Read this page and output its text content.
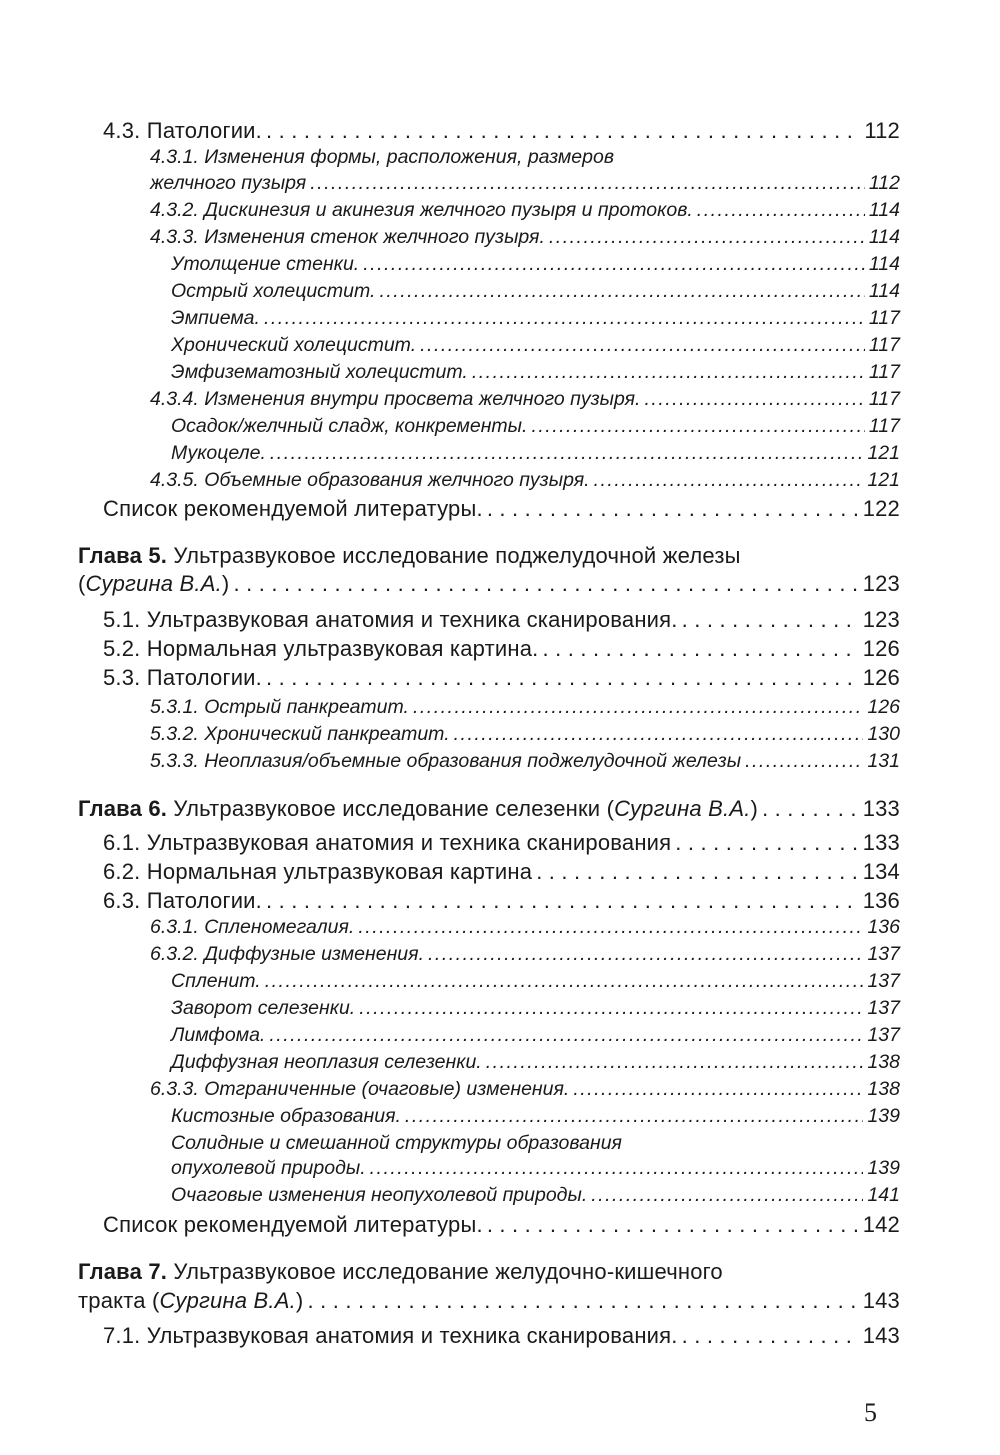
4.3. Патологии. . . .	112
4.3.1. Изменения формы, расположения, размеров
желчного пузыря .....	112
4.3.2. Дискинезия и акинезия желчного пузыря и протоков. .....	114
4.3.3. Изменения стенок желчного пузыря. .....	114
Утолщение стенки. .....	114
Острый холецистит. .....	114
Эмпиема. .....	117
Хронический холецистит. .....	117
Эмфизематозный холецистит. .....	117
4.3.4. Изменения внутри просвета желчного пузыря. .....	117
Осадок/желчный сладж, конкременты. .....	117
Мукоцеле. .....	121
4.3.5. Объемные образования желчного пузыря. .....	121
Список рекомендуемой литературы. . . .	122
Глава 5. Ультразвуковое исследование поджелудочной железы
(Сургина В.А.) . . .	123
5.1. Ультразвуковая анатомия и техника сканирования. . . .	123
5.2. Нормальная ультразвуковая картина. . . .	126
5.3. Патологии. . . .	126
5.3.1. Острый панкреатит. .....	126
5.3.2. Хронический панкреатит. .....	130
5.3.3. Неоплазия/объемные образования поджелудочной железы .....	131
Глава 6. Ультразвуковое исследование селезенки (Сургина В.А.) . . .	133
6.1. Ультразвуковая анатомия и техника сканирования . . .	133
6.2. Нормальная ультразвуковая картина . . .	134
6.3. Патологии. . . .	136
6.3.1. Спленомегалия. .....	136
6.3.2. Диффузные изменения. .....	137
Спленит. .....	137
Заворот селезенки. .....	137
Лимфома. .....	137
Диффузная неоплазия селезенки. .....	138
6.3.3. Отграниченные (очаговые) изменения. .....	138
Кистозные образования. .....	139
Солидные и смешанной структуры образования
опухолевой природы. .....	139
Очаговые изменения неопухолевой природы. .....	141
Список рекомендуемой литературы. . . .	142
Глава 7. Ультразвуковое исследование желудочно-кишечного
тракта (Сургина В.А.) . . .	143
7.1. Ультразвуковая анатомия и техника сканирования. . . .	143
5
